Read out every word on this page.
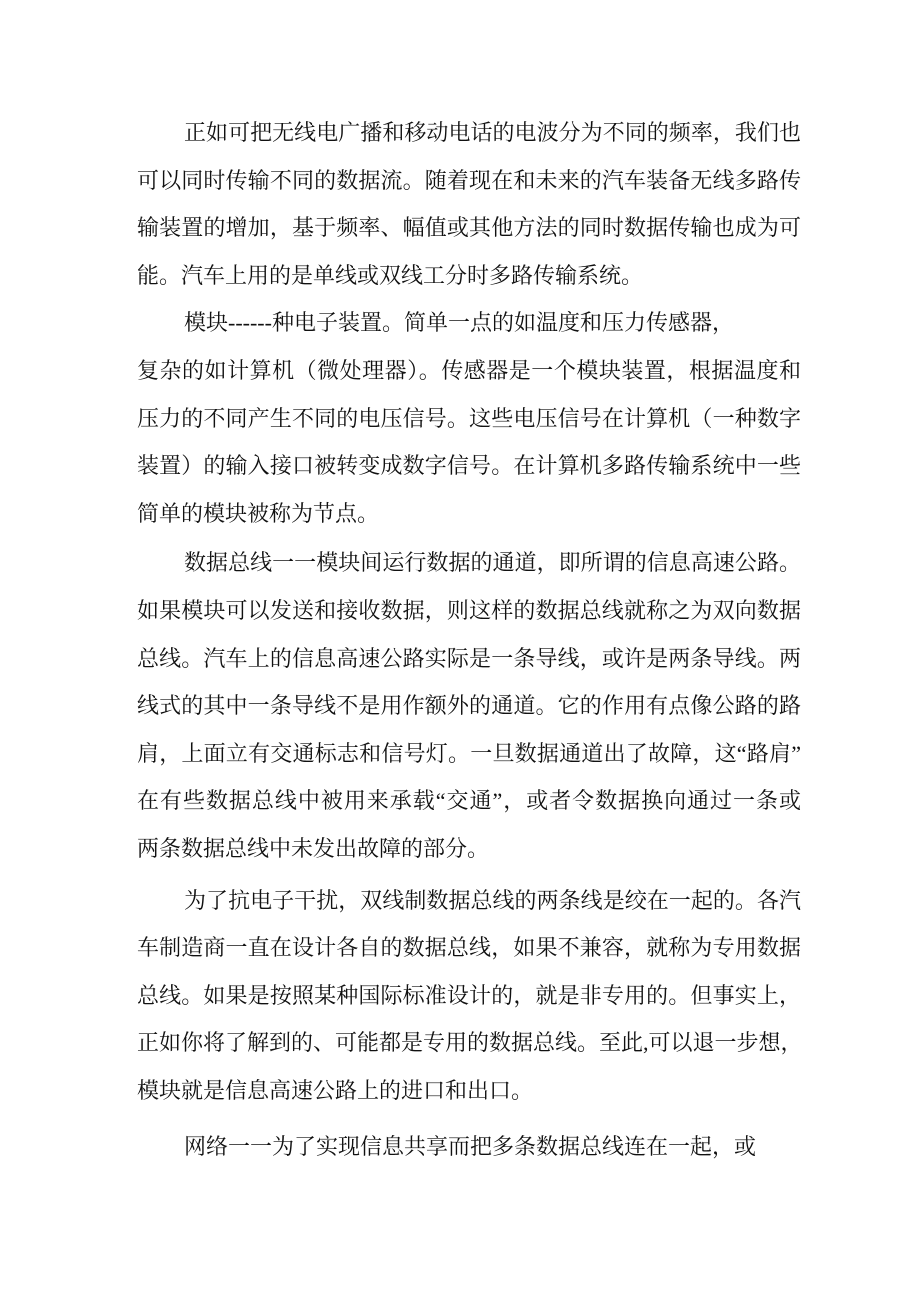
正如可把无线电广播和移动电话的电波分为不同的频率，我们也
可以同时传输不同的数据流。随着现在和未来的汽车装备无线多路传
输装置的增加，基于频率、幅值或其他方法的同时数据传输也成为可
能。汽车上用的是单线或双线工分时多路传输系统。
模块------种电子装置。简单一点的如温度和压力传感器，
复杂的如计算机（微处理器）。传感器是一个模块装置，根据温度和
压力的不同产生不同的电压信号。这些电压信号在计算机（一种数字
装置）的输入接口被转变成数字信号。在计算机多路传输系统中一些
简单的模块被称为节点。
数据总线一一模块间运行数据的通道，即所谓的信息高速公路。
如果模块可以发送和接收数据，则这样的数据总线就称之为双向数据
总线。汽车上的信息高速公路实际是一条导线，或许是两条导线。两
线式的其中一条导线不是用作额外的通道。它的作用有点像公路的路
肩，上面立有交通标志和信号灯。一旦数据通道出了故障，这“路肩”
在有些数据总线中被用来承载“交通”，或者令数据换向通过一条或
两条数据总线中未发出故障的部分。
为了抗电子干扰，双线制数据总线的两条线是绞在一起的。各汽
车制造商一直在设计各自的数据总线，如果不兼容，就称为专用数据
总线。如果是按照某种国际标准设计的，就是非专用的。但事实上，
正如你将了解到的、可能都是专用的数据总线。至此,可以退一步想，
模块就是信息高速公路上的进口和出口。
网络一一为了实现信息共享而把多条数据总线连在一起，或
